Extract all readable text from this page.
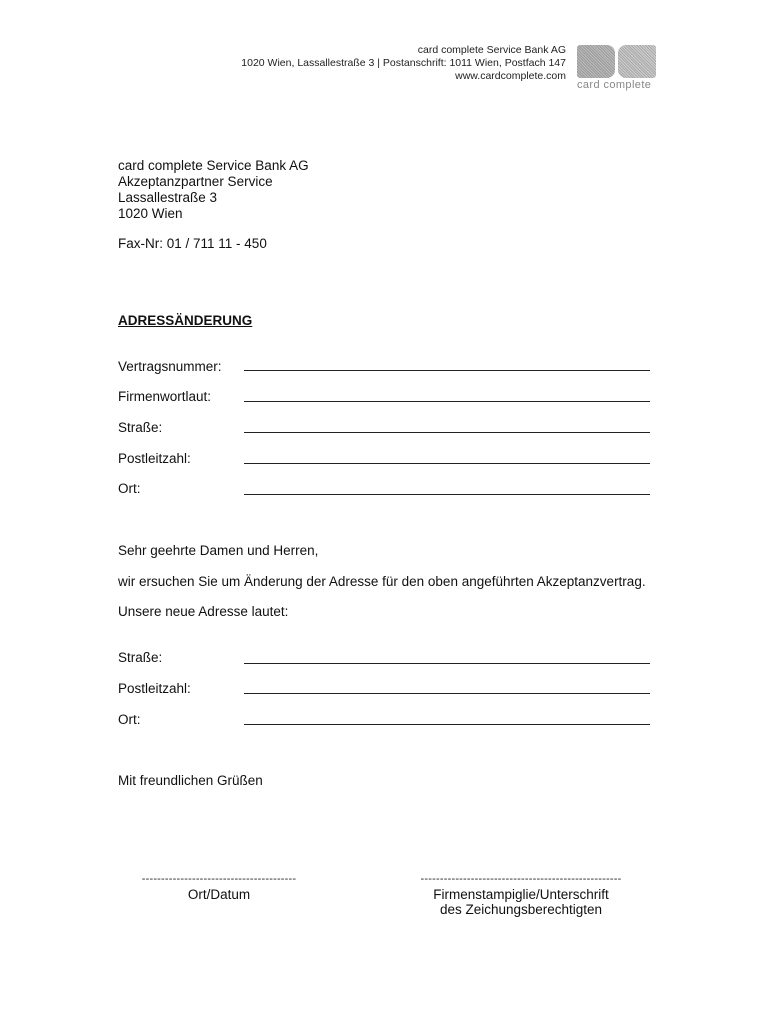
card complete Service Bank AG
1020 Wien, Lassallestraße 3 | Postanschrift: 1011 Wien, Postfach 147
www.cardcomplete.com
card complete
card complete Service Bank AG
Akzeptanzpartner Service
Lassallestraße 3
1020 Wien
Fax-Nr: 01 / 711 11 - 450
ADRESSÄNDERUNG
Vertragsnummer:
Firmenwortlaut:
Straße:
Postleitzahl:
Ort:
Sehr geehrte Damen und Herren,
wir ersuchen Sie um Änderung der Adresse für den oben angeführten Akzeptanzvertrag.
Unsere neue Adresse lautet:
Straße:
Postleitzahl:
Ort:
Mit freundlichen Grüßen
----------------------------------------
Ort/Datum
----------------------------------------------------
Firmenstampiglie/Unterschrift
des Zeichungsberechtigten
